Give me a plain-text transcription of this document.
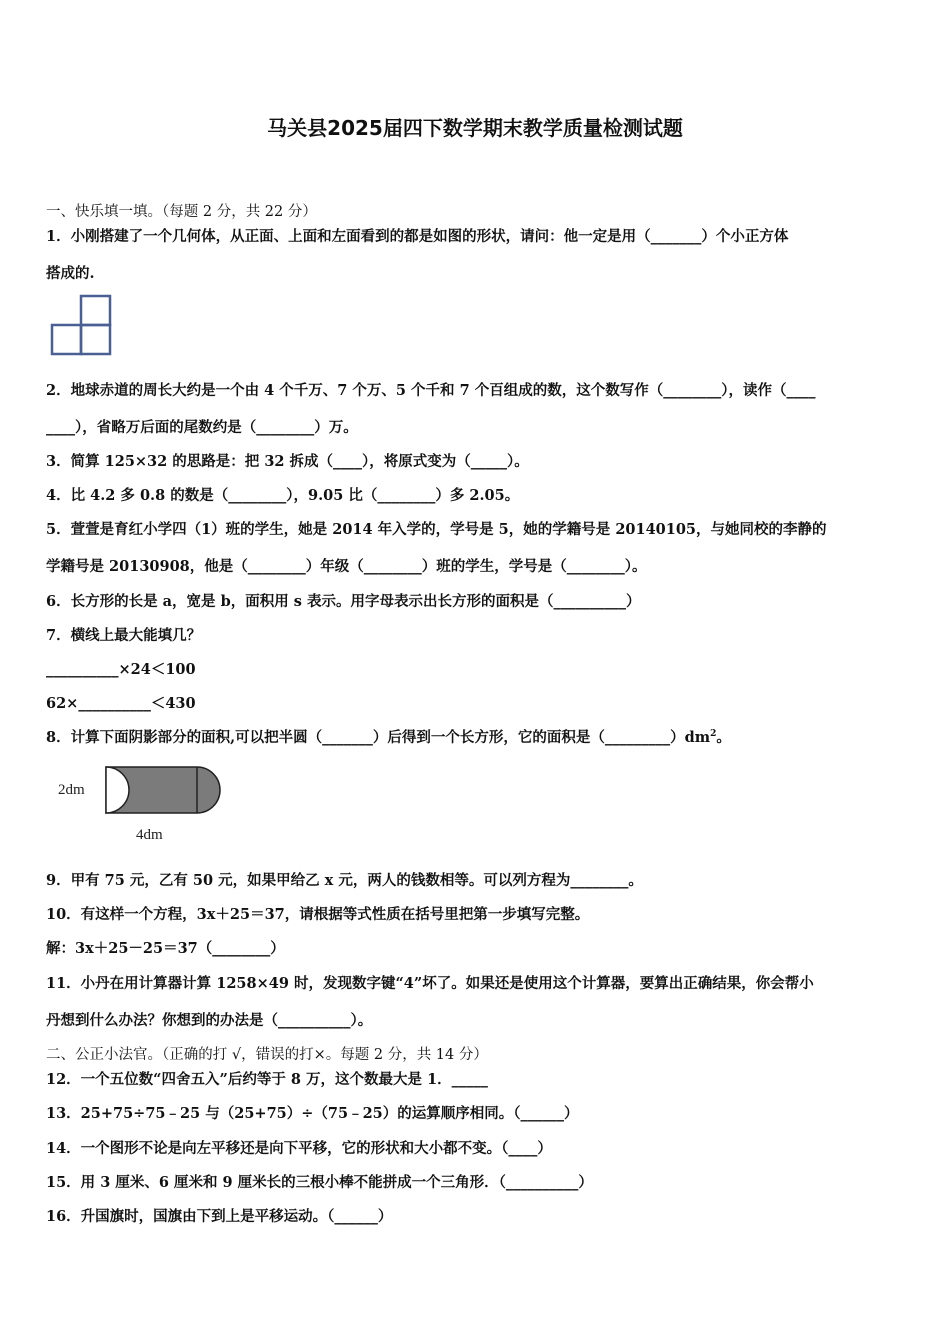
马关县2025届四下数学期末教学质量检测试题
一、快乐填一填。（每题 2 分，共 22 分）
1．小刚搭建了一个几何体，从正面、上面和左面看到的都是如图的形状，请问：他一定是用（_______）个小正方体
搭成的.
2．地球赤道的周长大约是一个由 4 个千万、7 个万、5 个千和 7 个百组成的数，这个数写作（________），读作（____
____），省略万后面的尾数约是（________）万。
3．简算 125×32 的思路是：把 32 拆成（____），将原式变为（_____）。
4．比 4.2 多 0.8 的数是（________），9.05 比（________）多 2.05。
5．萱萱是育红小学四（1）班的学生，她是 2014 年入学的，学号是 5，她的学籍号是 20140105，与她同校的李静的
学籍号是 20130908，他是（________）年级（________）班的学生，学号是（________）。
6．长方形的长是 a，宽是 b，面积用 s 表示。用字母表示出长方形的面积是（__________）
7．横线上最大能填几？
__________×24＜100
62×__________＜430
8．计算下面阴影部分的面积,可以把半圆（_______）后得到一个长方形，它的面积是$(\_\_\_\_\_\_\_\_\_)dm^2$。
2dm
4dm
9．甲有 75 元，乙有 50 元，如果甲给乙 x 元，两人的钱数相等。可以列方程为________。
10．有这样一个方程，3x＋25＝37，请根据等式性质在括号里把第一步填写完整。
解：3x＋25－25＝37（________）
11．小丹在用计算器计算 1258×49 时，发现数字键“4”坏了。如果还是使用这个计算器，要算出正确结果，你会帮小
丹想到什么办法？你想到的办法是（__________）。
二、公正小法官。（正确的打 √，错误的打×。每题 2 分，共 14 分）
12．一个五位数“四舍五入”后约等于 8 万，这个数最大是 1．_____
13．25+75÷75﹣25 与（25+75）÷（75﹣25）的运算顺序相同。（______）
14．一个图形不论是向左平移还是向下平移，它的形状和大小都不变。（____）
15．用 3 厘米、6 厘米和 9 厘米长的三根小棒不能拼成一个三角形．（__________）
16．升国旗时，国旗由下到上是平移运动。（______）
